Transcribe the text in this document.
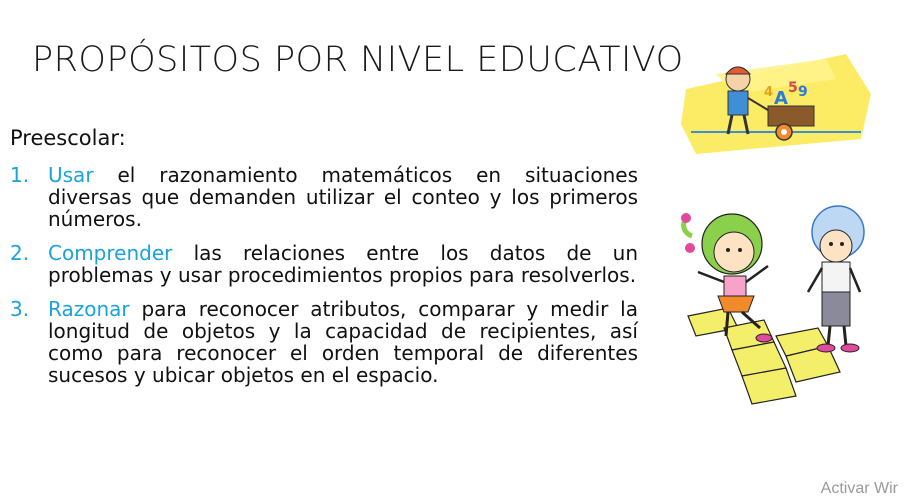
PROPÓSITOS POR NIVEL EDUCATIVO
Preescolar:
1. Usar el razonamiento matemáticos en situaciones diversas que demanden utilizar el conteo y los primeros números.
2. Comprender las relaciones entre los datos de un problemas y usar procedimientos propios para resolverlos.
3. Razonar para reconocer atributos, comparar y medir la longitud de objetos y la capacidad de recipientes, así como para reconocer el orden temporal de diferentes sucesos y ubicar objetos en el espacio.
A 5 9
4
Activar Wir
